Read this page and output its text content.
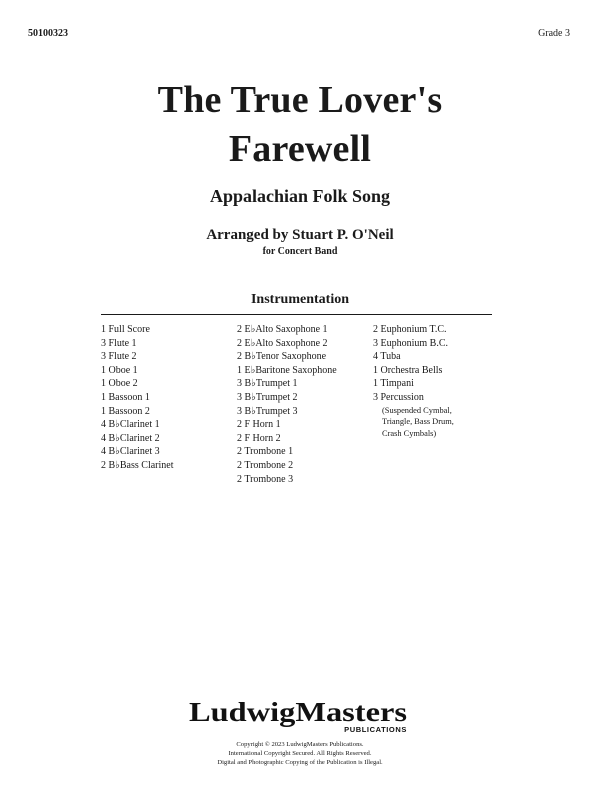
50100323	Grade 3
The True Lover's
Farewell
Appalachian Folk Song
Arranged by Stuart P. O'Neil
for Concert Band
Instrumentation
1 Full Score
3 Flute 1
3 Flute 2
1 Oboe 1
1 Oboe 2
1 Bassoon 1
1 Bassoon 2
4 B♭Clarinet 1
4 B♭Clarinet 2
4 B♭Clarinet 3
2 B♭Bass Clarinet
2 E♭Alto Saxophone 1
2 E♭Alto Saxophone 2
2 B♭Tenor Saxophone
1 E♭Baritone Saxophone
3 B♭Trumpet 1
3 B♭Trumpet 2
3 B♭Trumpet 3
2 F Horn 1
2 F Horn 2
2 Trombone 1
2 Trombone 2
2 Trombone 3
2 Euphonium T.C.
3 Euphonium B.C.
4 Tuba
1 Orchestra Bells
1 Timpani
3 Percussion
(Suspended Cymbal,
Triangle, Bass Drum,
Crash Cymbals)
LudwigMasters
PUBLICATIONS
Copyright © 2023 LudwigMasters Publications.
International Copyright Secured. All Rights Reserved.
Digital and Photographic Copying of the Publication is Illegal.
